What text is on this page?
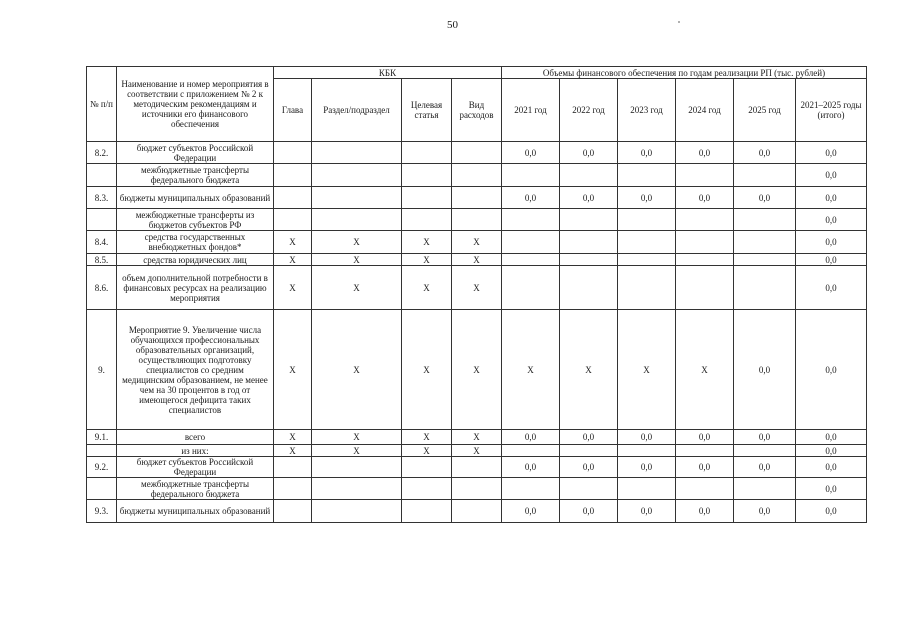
50
№ п/п	Наименование и номер мероприятия в соответствии с приложением № 2 к методическим рекомендациям и источники его финансового обеспечения	КБК				Объемы финансового обеспечения по годам реализации РП (тыс. рублей)					
		Глава	Раздел/подраздел	Целевая статья	Вид расходов	2021 год	2022 год	2023 год	2024 год	2025 год	2021–2025 годы (итого)
8.2.	бюджет субъектов Российской Федерации					0,0	0,0	0,0	0,0	0,0	0,0
	межбюджетные трансферты федерального бюджета										0,0
8.3.	бюджеты муниципальных образований					0,0	0,0	0,0	0,0	0,0	0,0
	межбюджетные трансферты из бюджетов субъектов РФ										0,0
8.4.	средства государственных внебюджетных фондов*	X	X	X	X						0,0
8.5.	средства юридических лиц	X	X	X	X						0,0
8.6.	объем дополнительной потребности в финансовых ресурсах на реализацию мероприятия	X	X	X	X						0,0
9.	Мероприятие 9. Увеличение числа обучающихся профессиональных образовательных организаций, осуществляющих подготовку специалистов со средним медицинским образованием, не менее чем на 30 процентов в год от имеющегося дефицита таких специалистов	X	X	X	X	X	X	X	X	0,0	0,0
9.1.	всего	X	X	X	X	0,0	0,0	0,0	0,0	0,0	0,0
	из них:	X	X	X	X						0,0
9.2.	бюджет субъектов Российской Федерации					0,0	0,0	0,0	0,0	0,0	0,0
	межбюджетные трансферты федерального бюджета										0,0
9.3.	бюджеты муниципальных образований					0,0	0,0	0,0	0,0	0,0	0,0
